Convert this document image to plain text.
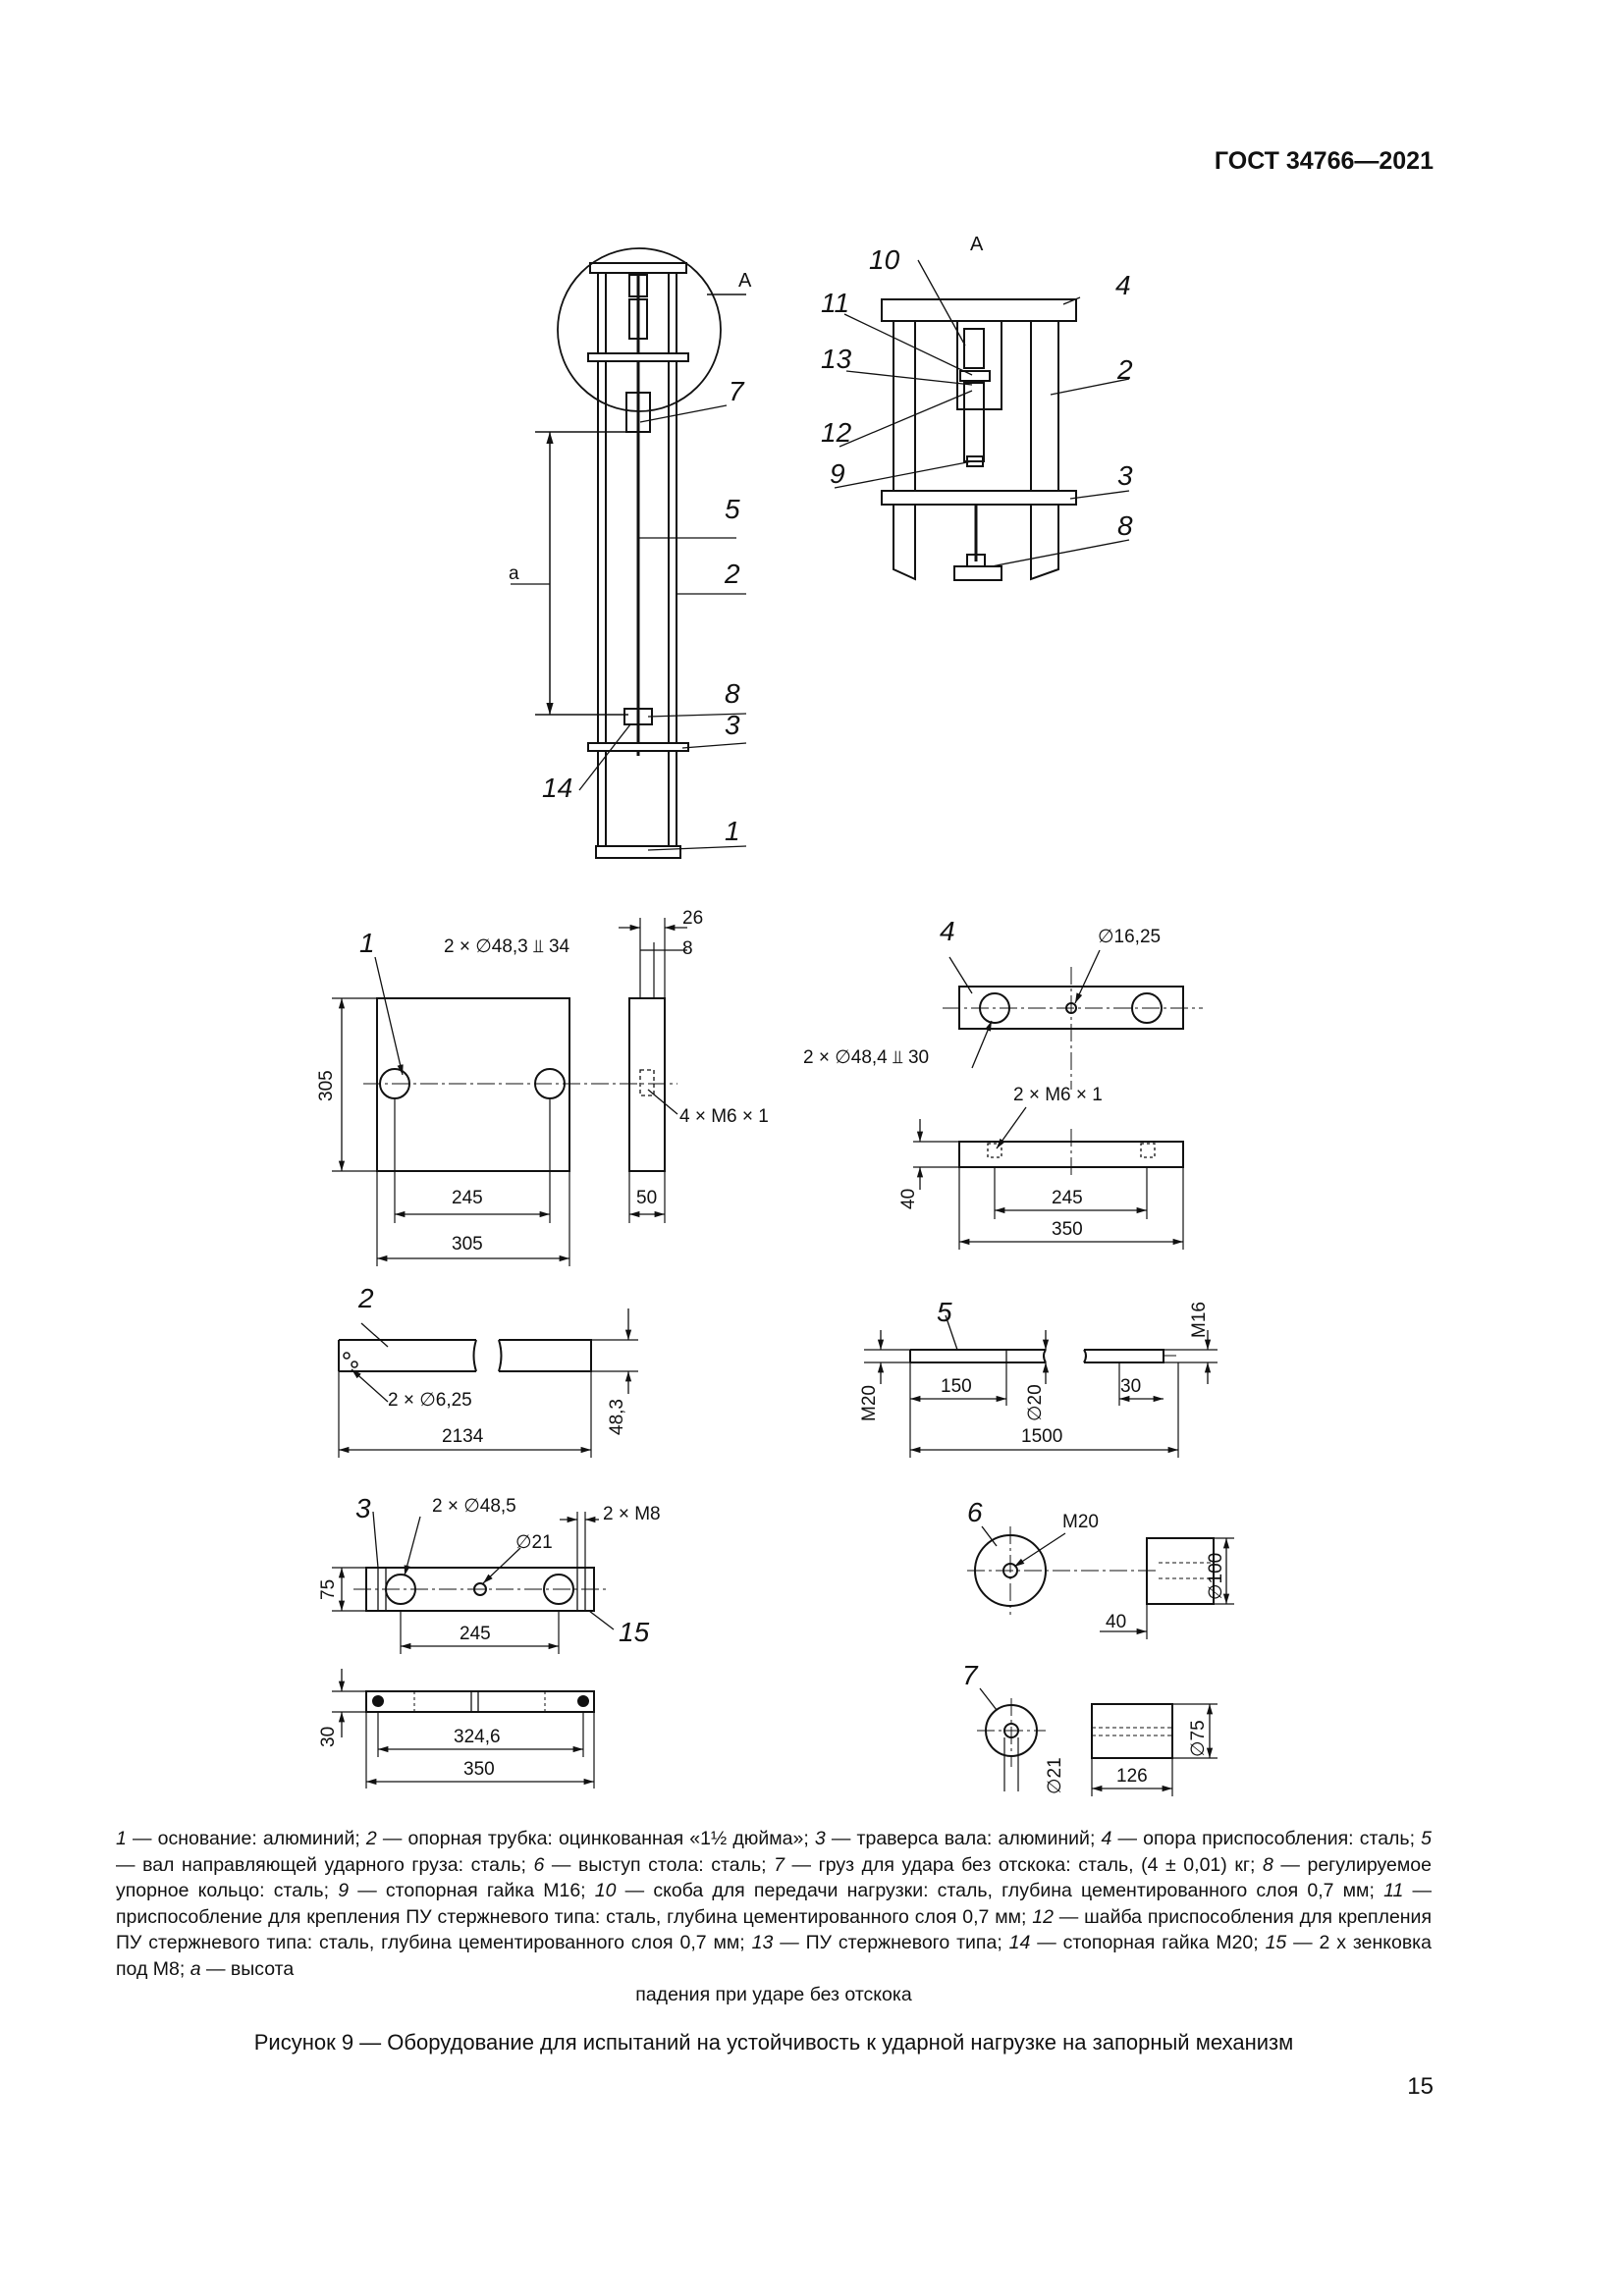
ГОСТ 34766—2021
А
А
7
5
2
8
3
14
1
a
10
4
11
2
13
12
3
9
8
1	2 × ∅48,3 ⫫ 34
26
8
4 × M6 × 1
305
245
305
50
4	∅16,25
2 × ∅48,4 ⫫ 30
2 × M6 × 1
40	245
350
2
2 × ∅6,25	48,3
2134
5	M16
M20	150	∅20	30
1500
3	2 × ∅48,5	2 × M8
∅21
75
245	15
30	324,6
350
6	M20
∅100
40
7
∅21
∅75
126
1 — основание: алюминий; 2 — опорная трубка: оцинкованная «1½ дюйма»; 3 — траверса вала: алюминий; 4 — опора приспособления: сталь; 5 — вал направляющей ударного груза: сталь; 6 — выступ стола: сталь; 7 — груз для удара без отскока: сталь, (4 ± 0,01) кг; 8 — регулируемое упорное кольцо: сталь; 9 — стопорная гайка М16; 10 — скоба для передачи нагрузки: сталь, глубина цементированного слоя 0,7 мм; 11 — приспособление для крепления ПУ стержневого типа: сталь, глубина цементированного слоя 0,7 мм; 12 — шайба приспособления для крепления ПУ стержневого типа: сталь, глубина цементированного слоя 0,7 мм; 13 — ПУ стержневого типа; 14 — стопорная гайка М20; 15 — 2 х зенковка под М8; a — высота
падения при ударе без отскока
Рисунок 9 — Оборудование для испытаний на устойчивость к ударной нагрузке на запорный механизм
15
